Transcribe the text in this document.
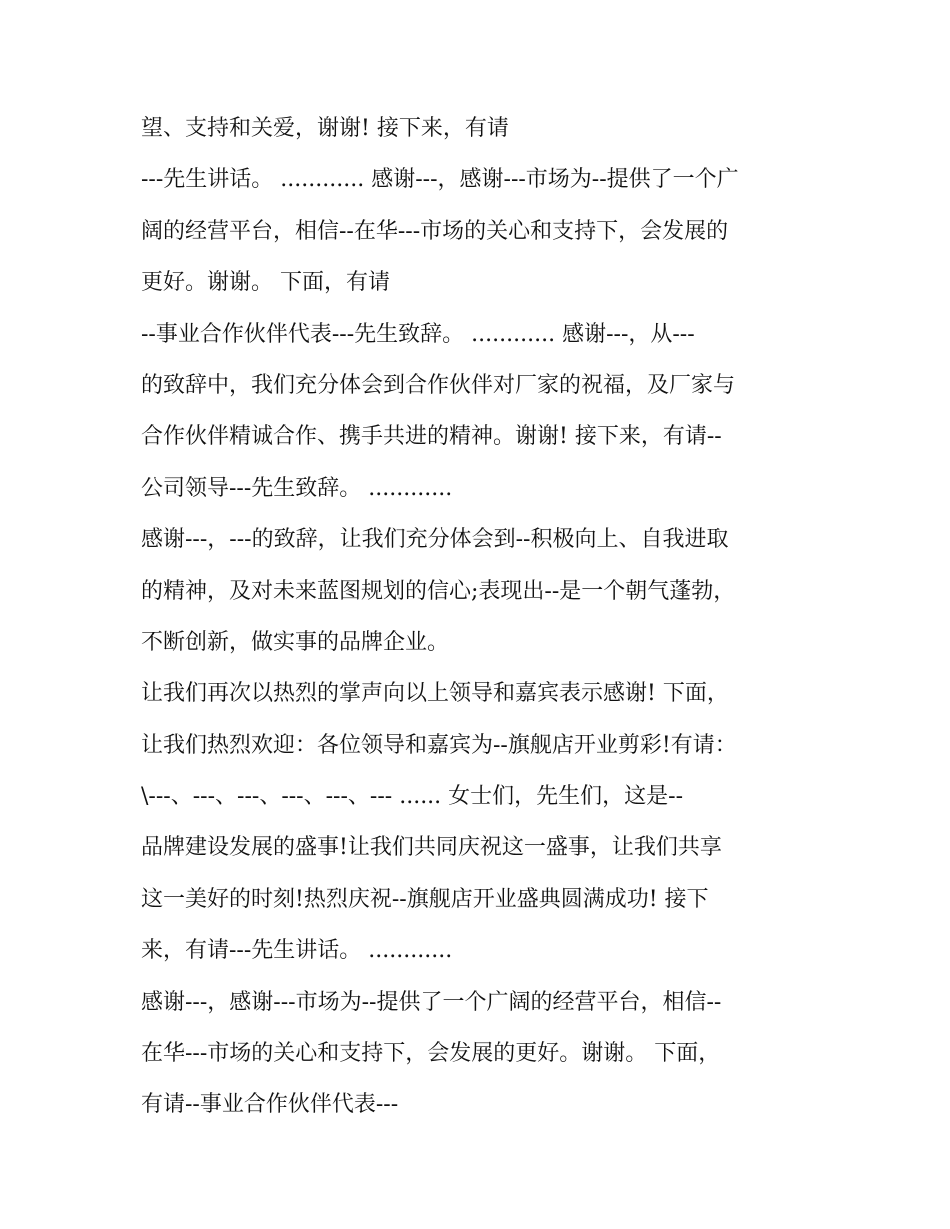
望、支持和关爱，谢谢! 接下来，有请
---先生讲话。 ............ 感谢---，感谢---市场为--提供了一个广
阔的经营平台，相信--在华---市场的关心和支持下，会发展的
更好。谢谢。 下面，有请
--事业合作伙伴代表---先生致辞。 ............ 感谢---，从---
的致辞中，我们充分体会到合作伙伴对厂家的祝福，及厂家与
合作伙伴精诚合作、携手共进的精神。谢谢! 接下来，有请--
公司领导---先生致辞。 ............
感谢---，---的致辞，让我们充分体会到--积极向上、自我进取
的精神，及对未来蓝图规划的信心;表现出--是一个朝气蓬勃，
不断创新，做实事的品牌企业。
让我们再次以热烈的掌声向以上领导和嘉宾表示感谢! 下面，
让我们热烈欢迎：各位领导和嘉宾为--旗舰店开业剪彩!有请：
\---、---、---、---、---、--- ...... 女士们，先生们，这是--
品牌建设发展的盛事!让我们共同庆祝这一盛事，让我们共享
这一美好的时刻!热烈庆祝--旗舰店开业盛典圆满成功! 接下
来，有请---先生讲话。 ............
感谢---，感谢---市场为--提供了一个广阔的经营平台，相信--
在华---市场的关心和支持下，会发展的更好。谢谢。 下面，
有请--事业合作伙伴代表---
